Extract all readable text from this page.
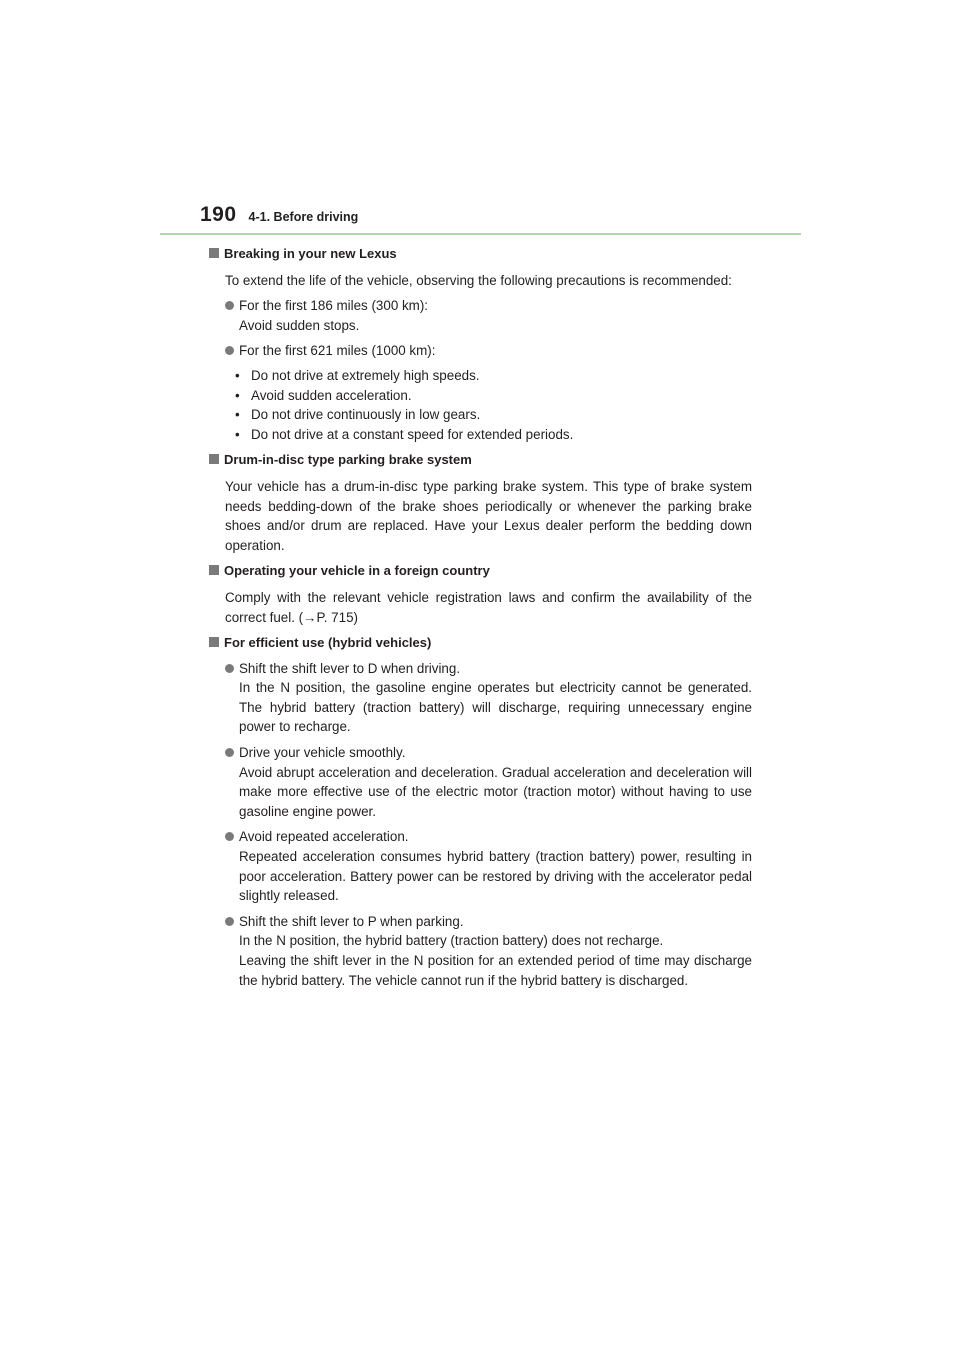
190 4-1. Before driving
Breaking in your new Lexus
To extend the life of the vehicle, observing the following precautions is recommended:
For the first 186 miles (300 km):
Avoid sudden stops.
For the first 621 miles (1000 km):
• Do not drive at extremely high speeds.
• Avoid sudden acceleration.
• Do not drive continuously in low gears.
• Do not drive at a constant speed for extended periods.
Drum-in-disc type parking brake system
Your vehicle has a drum-in-disc type parking brake system. This type of brake system needs bedding-down of the brake shoes periodically or whenever the parking brake shoes and/or drum are replaced. Have your Lexus dealer perform the bedding down operation.
Operating your vehicle in a foreign country
Comply with the relevant vehicle registration laws and confirm the availability of the correct fuel. (→P. 715)
For efficient use (hybrid vehicles)
Shift the shift lever to D when driving.
In the N position, the gasoline engine operates but electricity cannot be generated. The hybrid battery (traction battery) will discharge, requiring unnecessary engine power to recharge.
Drive your vehicle smoothly.
Avoid abrupt acceleration and deceleration. Gradual acceleration and deceleration will make more effective use of the electric motor (traction motor) without having to use gasoline engine power.
Avoid repeated acceleration.
Repeated acceleration consumes hybrid battery (traction battery) power, resulting in poor acceleration. Battery power can be restored by driving with the accelerator pedal slightly released.
Shift the shift lever to P when parking.
In the N position, the hybrid battery (traction battery) does not recharge.
Leaving the shift lever in the N position for an extended period of time may discharge the hybrid battery. The vehicle cannot run if the hybrid battery is discharged.
